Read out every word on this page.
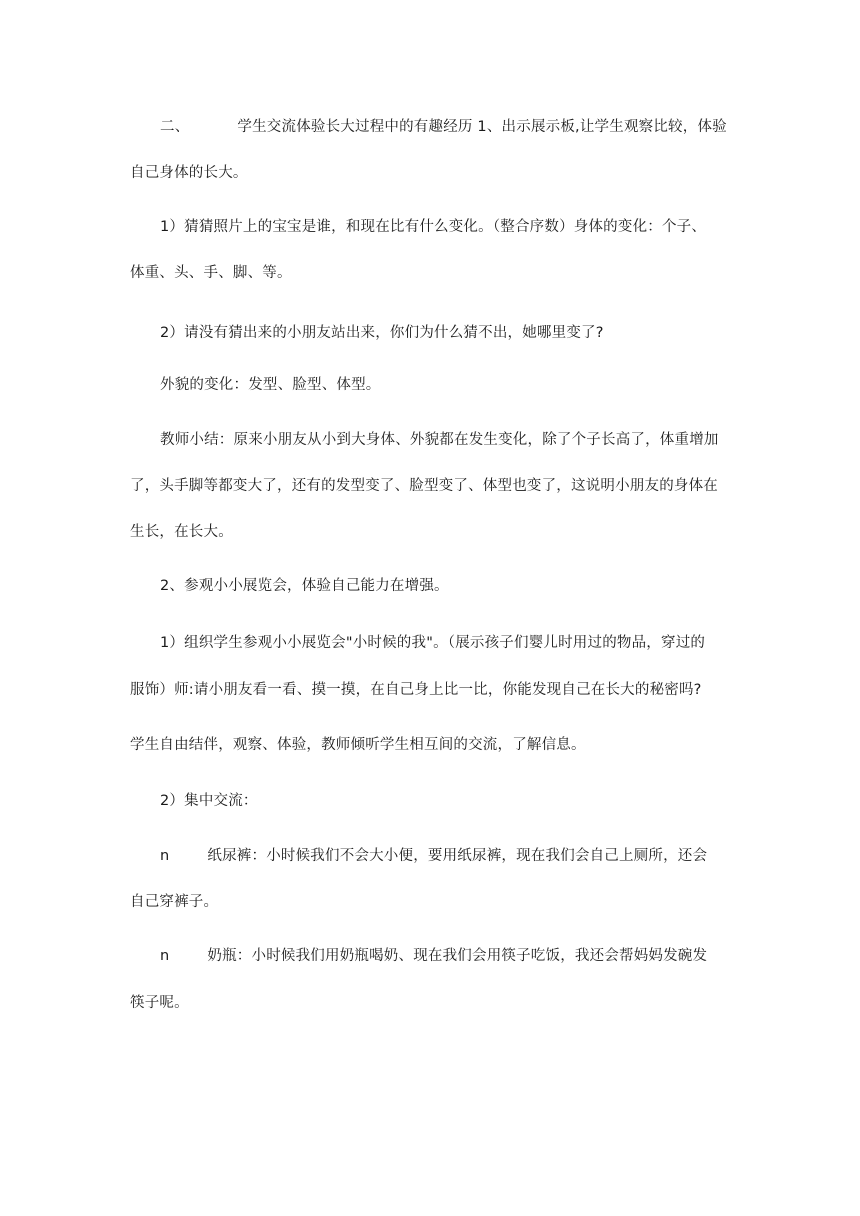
二、	学生交流体验长大过程中的有趣经历 1、出示展示板,让学生观察比较，体验
自己身体的长大。
1）猜猜照片上的宝宝是谁，和现在比有什么变化。（整合序数）身体的变化：个子、
体重、头、手、脚、等。
2）请没有猜出来的小朋友站出来，你们为什么猜不出，她哪里变了?
外貌的变化：发型、脸型、体型。
教师小结：原来小朋友从小到大身体、外貌都在发生变化，除了个子长高了，体重增加
了，头手脚等都变大了，还有的发型变了、脸型变了、体型也变了，这说明小朋友的身体在
生长，在长大。
2、参观小小展览会，体验自己能力在增强。
1）组织学生参观小小展览会"小时候的我"。（展示孩子们婴儿时用过的物品，穿过的
服饰）师:请小朋友看一看、摸一摸，在自己身上比一比，你能发现自己在长大的秘密吗?
学生自由结伴，观察、体验，教师倾听学生相互间的交流，了解信息。
2）集中交流：
n	纸尿裤：小时候我们不会大小便，要用纸尿裤，现在我们会自己上厕所，还会
自己穿裤子。
n	奶瓶：小时候我们用奶瓶喝奶、现在我们会用筷子吃饭，我还会帮妈妈发碗发
筷子呢。
